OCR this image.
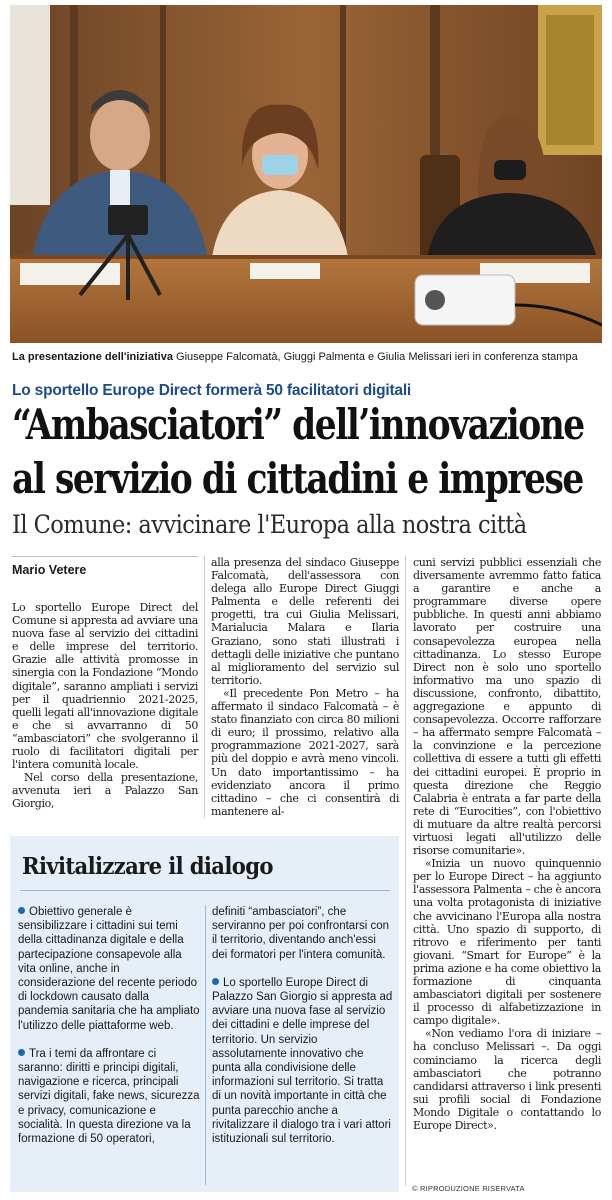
La presentazione dell'iniziativa Giuseppe Falcomatà, Giuggi Palmenta e Giulia Melissari ieri in conferenza stampa
Lo sportello Europe Direct formerà 50 facilitatori digitali
“Ambasciatori” dell’innovazione
al servizio di cittadini e imprese
Il Comune: avvicinare l'Europa alla nostra città
Mario Vetere

Lo sportello Europe Direct del Comune si appresta ad avviare una nuova fase al servizio dei cittadini e delle imprese del territorio. Grazie alle attività promosse in sinergia con la Fondazione “Mondo digitale”, saranno ampliati i servizi per il quadriennio 2021-2025, quelli legati all'innovazione digitale e che si avvarranno di 50 “ambasciatori” che svolgeranno il ruolo di facilitatori digitali per l'intera comunità locale.

Nel corso della presentazione, avvenuta ieri a Palazzo San Giorgio,

alla presenza del sindaco Giuseppe Falcomatà, dell'assessora con delega allo Europe Direct Giuggi Palmenta e delle referenti dei progetti, tra cui Giulia Melissari, Marialucia Malara e Ilaria Graziano, sono stati illustrati i dettagli delle iniziative che puntano al miglioramento del servizio sul territorio.

«Il precedente Pon Metro – ha affermato il sindaco Falcomatà – è stato finanziato con circa 80 milioni di euro; il prossimo, relativo alla programmazione 2021-2027, sarà più del doppio e avrà meno vincoli. Un dato importantissimo – ha evidenziato ancora il primo cittadino – che ci consentirà di mantenere al-

cuni servizi pubblici essenziali che diversamente avremmo fatto fatica a garantire e anche a programmare diverse opere pubbliche. In questi anni abbiamo lavorato per costruire una consapevolezza europea nella cittadinanza. Lo stesso Europe Direct non è solo uno sportello informativo ma uno spazio di discussione, confronto, dibattito, aggregazione e appunto di consapevolezza. Occorre rafforzare – ha affermato sempre Falcomatà – la convinzione e la percezione collettiva di essere a tutti gli effetti dei cittadini europei. È proprio in questa direzione che Reggio Calabria è entrata a far parte della rete di “Eurocities”, con l'obiettivo di mutuare da altre realtà percorsi virtuosi legati all'utilizzo delle risorse comunitarie».

«Inizia un nuovo quinquennio per lo Europe Direct – ha aggiunto l'assessora Palmenta – che è ancora una volta protagonista di iniziative che avvicinano l'Europa alla nostra città. Uno spazio di supporto, di ritrovo e riferimento per tanti giovani. “Smart for Europe” è la prima azione e ha come obiettivo la formazione di cinquanta ambasciatori digitali per sostenere il processo di alfabetizzazione in campo digitale».

«Non vediamo l'ora di iniziare – ha concluso Melissari –. Da oggi cominciamo la ricerca degli ambasciatori che potranno candidarsi attraverso i link presenti sui profili social di Fondazione Mondo Digitale o contattando lo Europe Direct».

Rivitalizzare il dialogo

Obiettivo generale è sensibilizzare i cittadini sui temi della cittadinanza digitale e della partecipazione consapevole alla vita online, anche in considerazione del recente periodo di lockdown causato dalla pandemia sanitaria che ha ampliato l'utilizzo delle piattaforme web.

Tra i temi da affrontare ci saranno: diritti e principi digitali, navigazione e ricerca, principali servizi digitali, fake news, sicurezza e privacy, comunicazione e socialità. In questa direzione va la formazione di 50 operatori,

definiti “ambasciatori”, che serviranno per poi confrontarsi con il territorio, diventando anch'essi dei formatori per l'intera comunità.

Lo sportello Europe Direct di Palazzo San Giorgio si appresta ad avviare una nuova fase al servizio dei cittadini e delle imprese del territorio. Un servizio assolutamente innovativo che punta alla condivisione delle informazioni sul territorio. Si tratta di un novità importante in città che punta parecchio anche a rivitalizzare il dialogo tra i vari attori istituzionali sul territorio.

© RIPRODUZIONE RISERVATA
